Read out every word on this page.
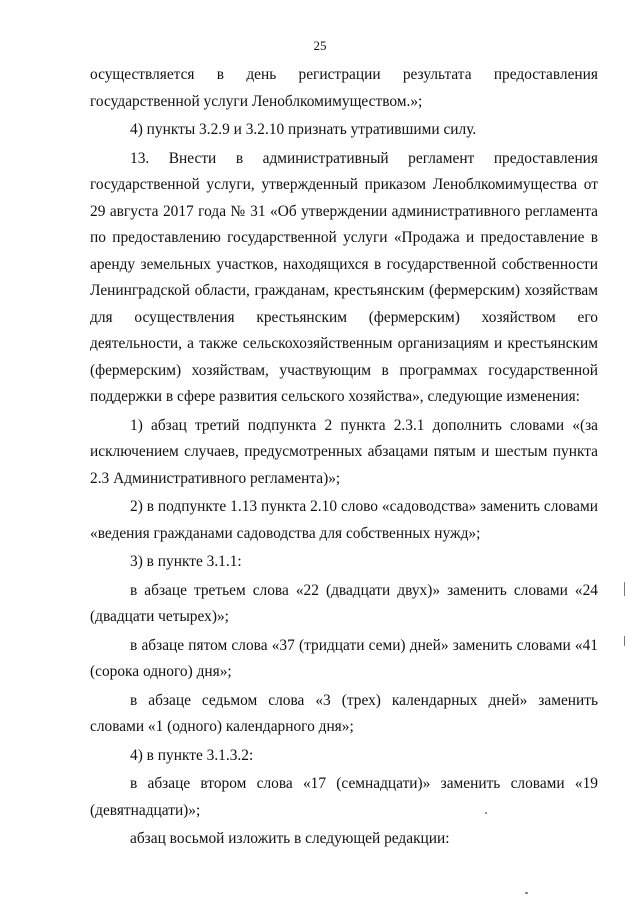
25

осуществляется в день регистрации результата предоставления государственной услуги Леноблкомимуществом.»;

4) пункты 3.2.9 и 3.2.10 признать утратившими силу.

13. Внести в административный регламент предоставления государственной услуги, утвержденный приказом Леноблкомимущества от 29 августа 2017 года № 31 «Об утверждении административного регламента по предоставлению государственной услуги «Продажа и предоставление в аренду земельных участков, находящихся в государственной собственности Ленинградской области, гражданам, крестьянским (фермерским) хозяйствам для осуществления крестьянским (фермерским) хозяйством его деятельности, а также сельскохозяйственным организациям и крестьянским (фермерским) хозяйствам, участвующим в программах государственной поддержки в сфере развития сельского хозяйства», следующие изменения:

1) абзац третий подпункта 2 пункта 2.3.1 дополнить словами «(за исключением случаев, предусмотренных абзацами пятым и шестым пункта 2.3 Административного регламента)»;

2) в подпункте 1.13 пункта 2.10 слово «садоводства» заменить словами «ведения гражданами садоводства для собственных нужд»;

3) в пункте 3.1.1:

в абзаце третьем слова «22 (двадцати двух)» заменить словами «24 (двадцати четырех)»;

в абзаце пятом слова «37 (тридцати семи) дней» заменить словами «41 (сорока одного) дня»;

в абзаце седьмом слова «3 (трех) календарных дней» заменить словами «1 (одного) календарного дня»;

4) в пункте 3.1.3.2:

в абзаце втором слова «17 (семнадцати)» заменить словами «19 (девятнадцати)»;

абзац восьмой изложить в следующей редакции:
